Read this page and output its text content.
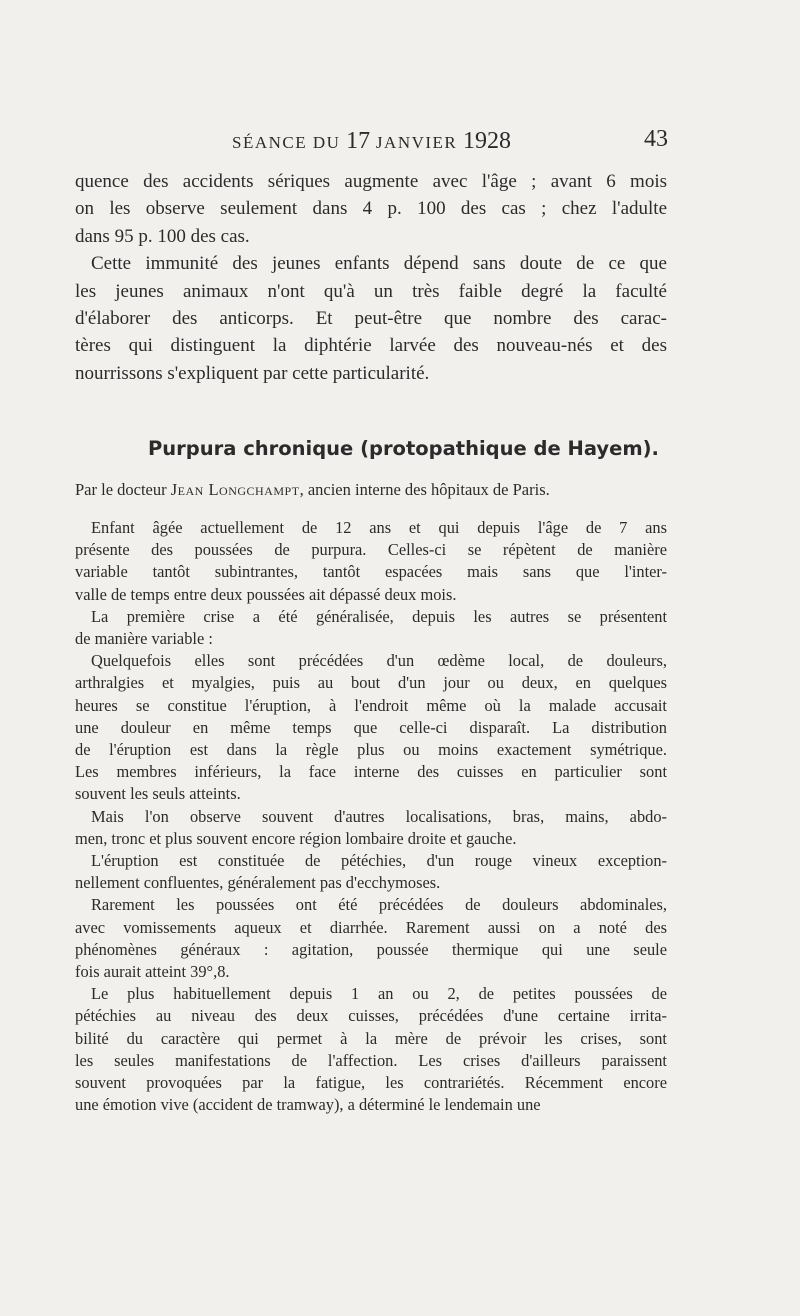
SÉANCE DU 17 JANVIER 1928	43
quence des accidents sériques augmente avec l'âge ; avant 6 mois
on les observe seulement dans 4 p. 100 des cas ; chez l'adulte
dans 95 p. 100 des cas.
Cette immunité des jeunes enfants dépend sans doute de ce que
les jeunes animaux n'ont qu'à un très faible degré la faculté
d'élaborer des anticorps. Et peut-être que nombre des carac-
tères qui distinguent la diphtérie larvée des nouveau-nés et des
nourrissons s'expliquent par cette particularité.
Purpura chronique (protopathique de Hayem).
Par le docteur Jean Longchampt, ancien interne des hôpitaux de Paris.
Enfant âgée actuellement de 12 ans et qui depuis l'âge de 7 ans
présente des poussées de purpura. Celles-ci se répètent de manière
variable tantôt subintrantes, tantôt espacées mais sans que l'inter-
valle de temps entre deux poussées ait dépassé deux mois.
La première crise a été généralisée, depuis les autres se présentent
de manière variable :
Quelquefois elles sont précédées d'un œdème local, de douleurs,
arthralgies et myalgies, puis au bout d'un jour ou deux, en quelques
heures se constitue l'éruption, à l'endroit même où la malade accusait
une douleur en même temps que celle-ci disparaît. La distribution
de l'éruption est dans la règle plus ou moins exactement symétrique.
Les membres inférieurs, la face interne des cuisses en particulier sont
souvent les seuls atteints.
Mais l'on observe souvent d'autres localisations, bras, mains, abdo-
men, tronc et plus souvent encore région lombaire droite et gauche.
L'éruption est constituée de pétéchies, d'un rouge vineux exception-
nellement confluentes, généralement pas d'ecchymoses.
Rarement les poussées ont été précédées de douleurs abdominales,
avec vomissements aqueux et diarrhée. Rarement aussi on a noté des
phénomènes généraux : agitation, poussée thermique qui une seule
fois aurait atteint 39°,8.
Le plus habituellement depuis 1 an ou 2, de petites poussées de
pétéchies au niveau des deux cuisses, précédées d'une certaine irrita-
bilité du caractère qui permet à la mère de prévoir les crises, sont
les seules manifestations de l'affection. Les crises d'ailleurs paraissent
souvent provoquées par la fatigue, les contrariétés. Récemment encore
une émotion vive (accident de tramway), a déterminé le lendemain une
